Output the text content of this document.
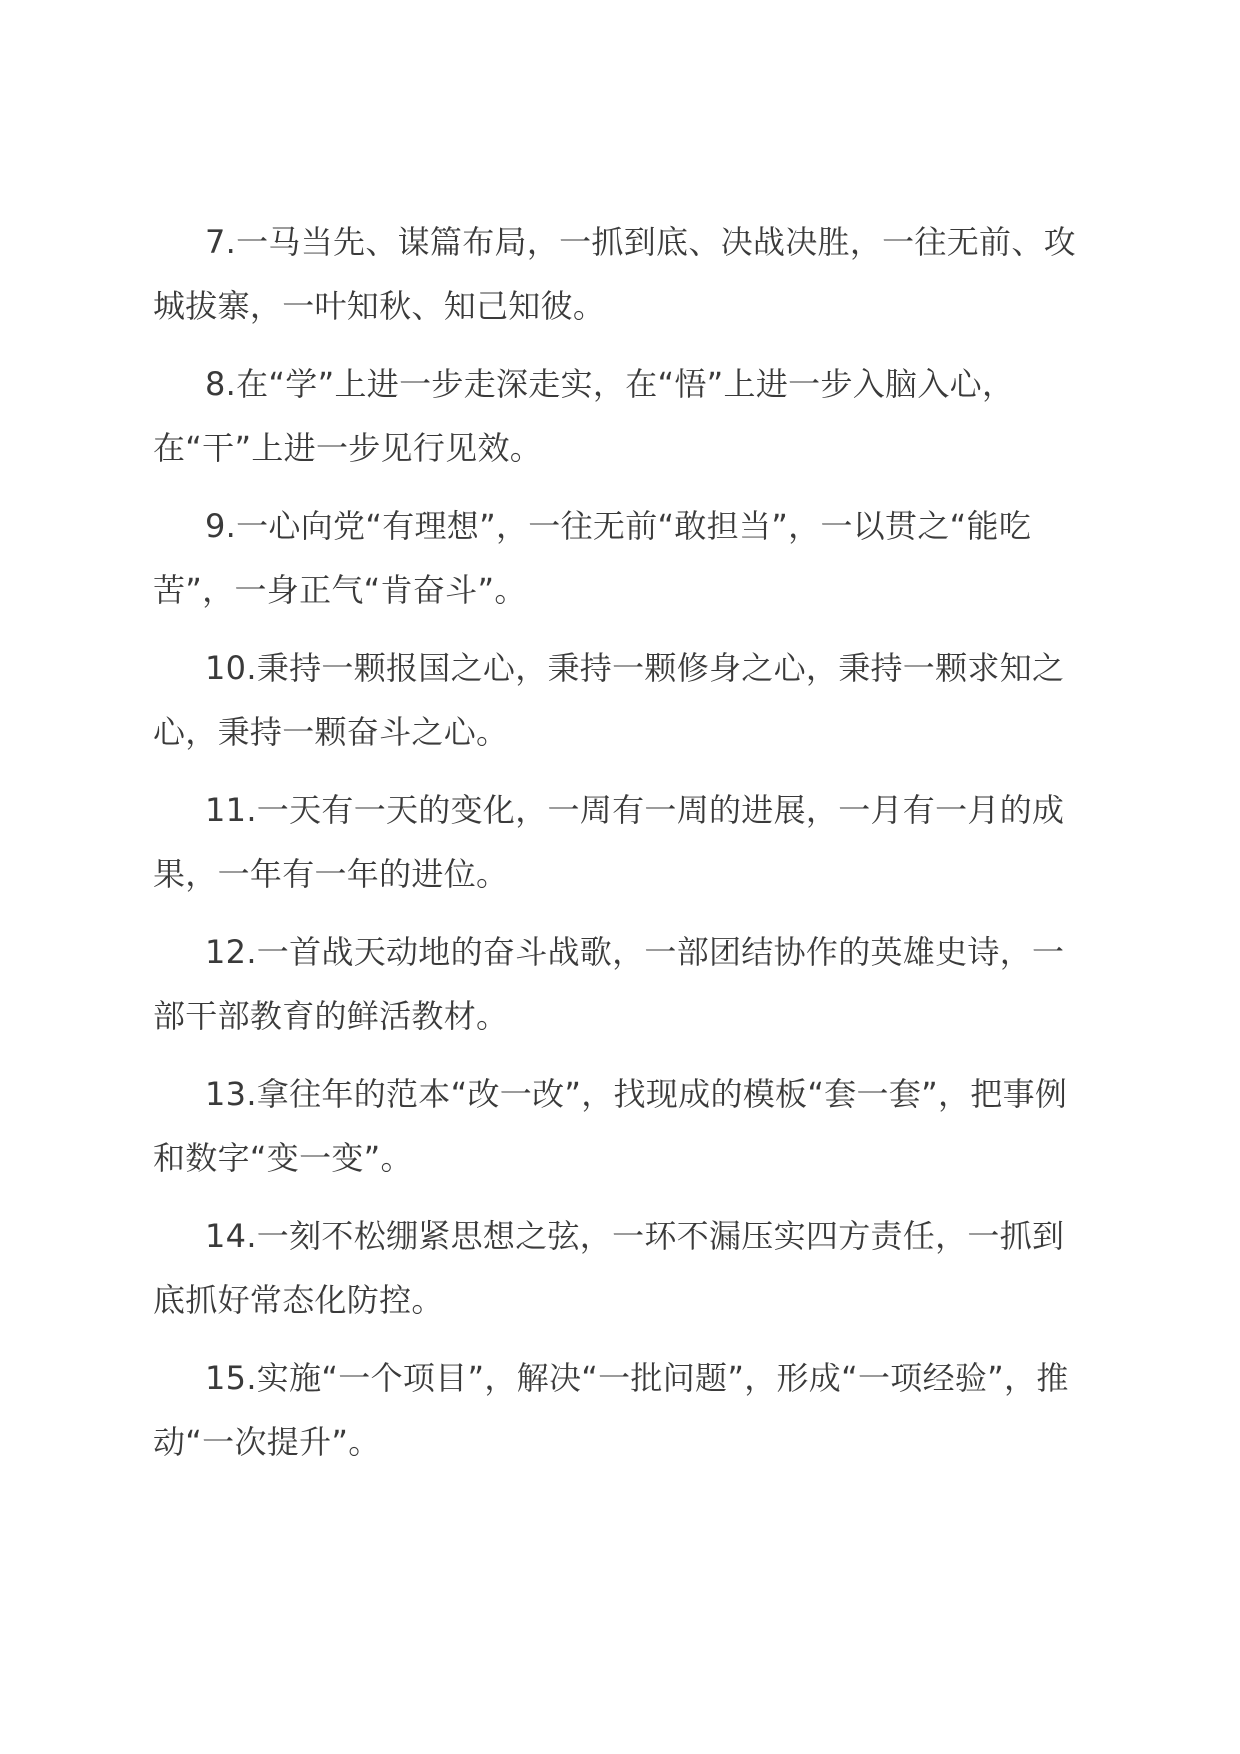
7.一马当先、谋篇布局，一抓到底、决战决胜，一往无前、攻城拔寨，一叶知秋、知己知彼。

8.在“学”上进一步走深走实，在“悟”上进一步入脑入心，在“干”上进一步见行见效。

9.一心向党“有理想”，一往无前“敢担当”，一以贯之“能吃苦”，一身正气“肯奋斗”。

10.秉持一颗报国之心，秉持一颗修身之心，秉持一颗求知之心，秉持一颗奋斗之心。

11.一天有一天的变化，一周有一周的进展，一月有一月的成果，一年有一年的进位。

12.一首战天动地的奋斗战歌，一部团结协作的英雄史诗，一部干部教育的鲜活教材。

13.拿往年的范本“改一改”，找现成的模板“套一套”，把事例和数字“变一变”。

14.一刻不松绷紧思想之弦，一环不漏压实四方责任，一抓到底抓好常态化防控。

15.实施“一个项目”，解决“一批问题”，形成“一项经验”，推动“一次提升”。
